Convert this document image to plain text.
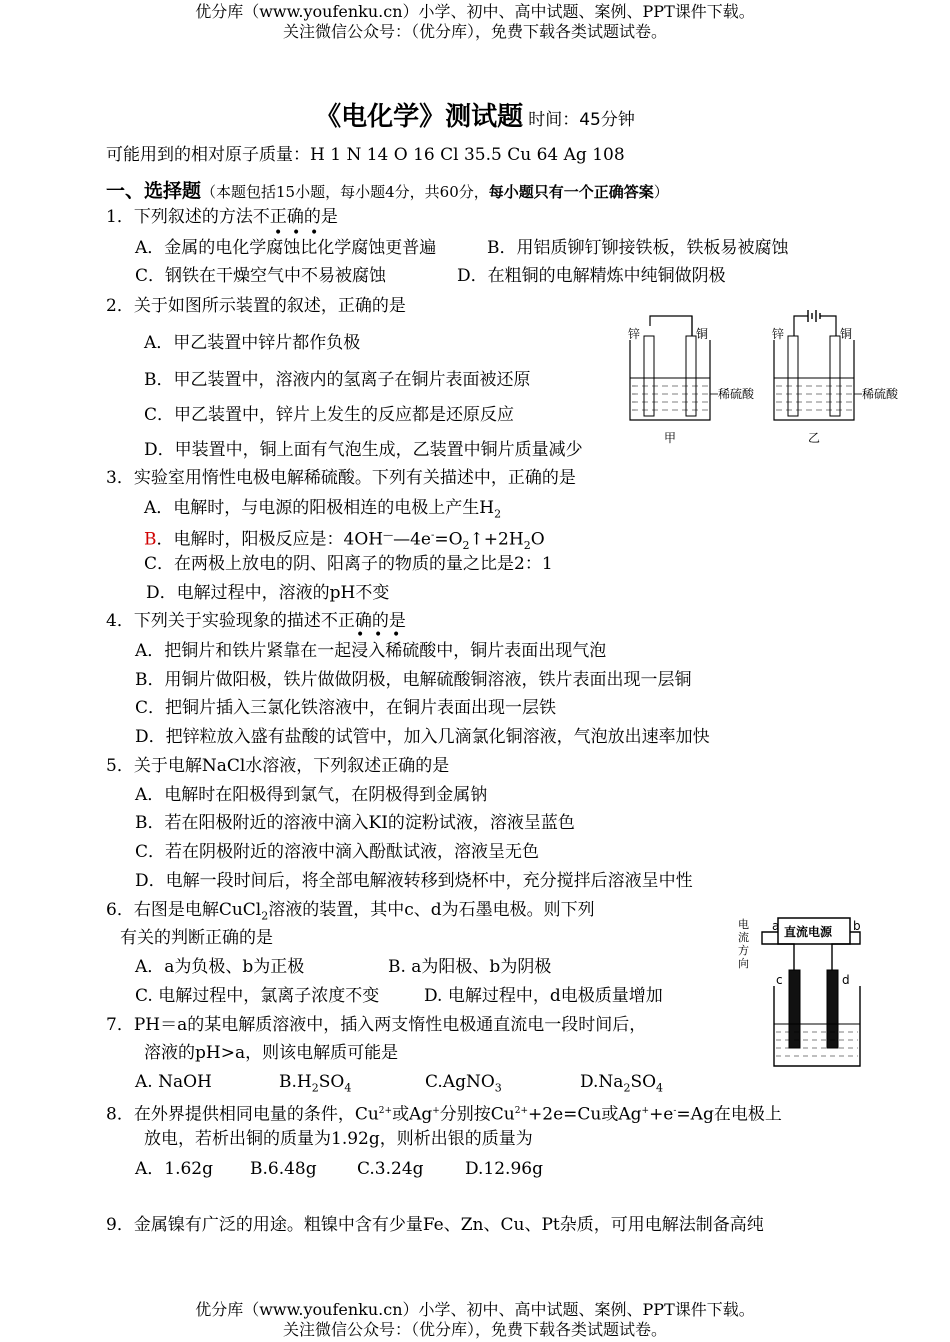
优分库（www.youfenku.cn）小学、初中、高中试题、案例、PPT课件下载。
关注微信公众号：（优分库），免费下载各类试题试卷。
《电化学》测试题 时间：45分钟
可能用到的相对原子质量：H 1 N 14 O 16 Cl 35.5 Cu 64 Ag 108
一、选择题（本题包括15小题，每小题4分，共60分，每小题只有一个正确答案）
1．下列叙述的方法不正确的是
• • •
A．金属的电化学腐蚀比化学腐蚀更普遍	B．用铝质铆钉铆接铁板，铁板易被腐蚀
C．钢铁在干燥空气中不易被腐蚀	D．在粗铜的电解精炼中纯铜做阴极
2．关于如图所示装置的叙述，正确的是
A．甲乙装置中锌片都作负极
B．甲乙装置中，溶液内的氢离子在铜片表面被还原
C．甲乙装置中，锌片上发生的反应都是还原反应
D．甲装置中，铜上面有气泡生成，乙装置中铜片质量减少
锌	铜
稀硫酸
甲
锌	铜
稀硫酸
乙
3．实验室用惰性电极电解稀硫酸。下列有关描述中，正确的是
A．电解时，与电源的阳极相连的电极上产生$H_2$
B．电解时，阳极反应是：$4OH^——4e^-=O_2↑+2H_2O$
C．在两极上放电的阴、阳离子的物质的量之比是2：1
D．电解过程中，溶液的pH不变
4．下列关于实验现象的描述不正确的是
• • •
A．把铜片和铁片紧靠在一起浸入稀硫酸中，铜片表面出现气泡
B．用铜片做阳极，铁片做做阴极，电解硫酸铜溶液，铁片表面出现一层铜
C．把铜片插入三氯化铁溶液中，在铜片表面出现一层铁
D．把锌粒放入盛有盐酸的试管中，加入几滴氯化铜溶液，气泡放出速率加快
5．关于电解NaCl水溶液，下列叙述正确的是
A．电解时在阳极得到氯气，在阴极得到金属钠
B．若在阳极附近的溶液中滴入KI的淀粉试液，溶液呈蓝色
C．若在阴极附近的溶液中滴入酚酞试液，溶液呈无色
D．电解一段时间后，将全部电解液转移到烧杯中，充分搅拌后溶液呈中性
6．右图是电解CuCl$_2$溶液的装置，其中c、d为石墨电极。则下列
有关的判断正确的是
A．a为负极、b为正极	B. a为阳极、b为阴极
C. 电解过程中，氯离子浓度不变	D. 电解过程中，d电极质量增加
电
流
方
向
直流电源
a	b
c	d
7．PH＝a的某电解质溶液中，插入两支惰性电极通直流电一段时间后，
溶液的pH>a，则该电解质可能是
A. NaOH	$B.H_2SO_4$	C.AgNO$_3$	$D.Na_2SO_4$
8．在外界提供相同电量的条件，$Cu^{2+}$或Ag+分别按$Cu^{2+}+2e=Cu$或Ag++e-=Ag在电极上
放电，若析出铜的质量为1.92g，则析出银的质量为
A．1.62g B.6.48g C.3.24g D.12.96g
9．金属镍有广泛的用途。粗镍中含有少量Fe、Zn、Cu、Pt杂质，可用电解法制备高纯
优分库（www.youfenku.cn）小学、初中、高中试题、案例、PPT课件下载。
关注微信公众号：（优分库），免费下载各类试题试卷。
